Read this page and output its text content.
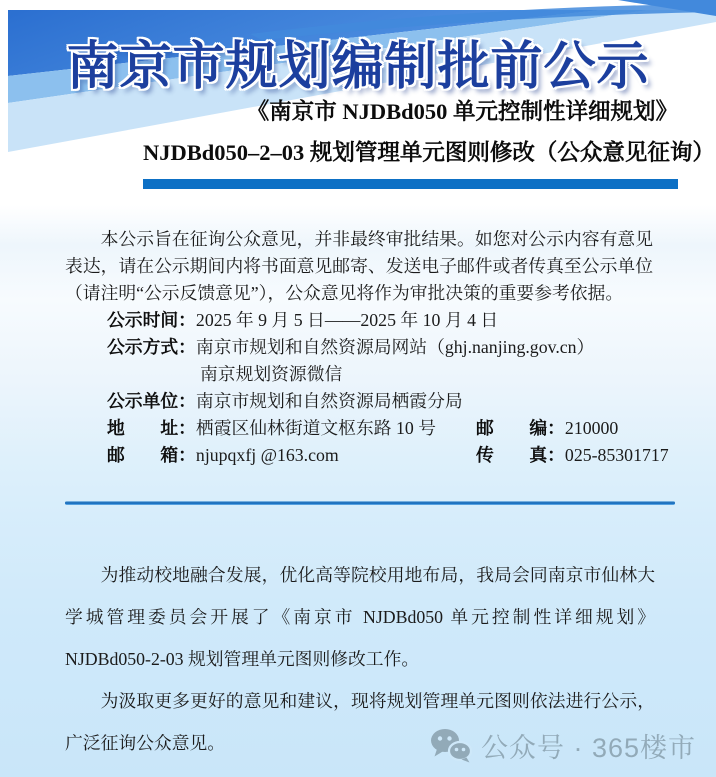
南京市规划编制批前公示
《南京市 NJDBd050 单元控制性详细规划》
NJDBd050–2–03 规划管理单元图则修改（公众意见征询）

本公示旨在征询公众意见，并非最终审批结果。如您对公示内容有意见表达，请在公示期间内将书面意见邮寄、发送电子邮件或者传真至公示单位（请注明“公示反馈意见”），公众意见将作为审批决策的重要参考依据。

公示时间：2025 年 9 月 5 日——2025 年 10 月 4 日
公示方式：南京市规划和自然资源局网站（ghj.nanjing.gov.cn）
南京规划资源微信
公示单位：南京市规划和自然资源局栖霞分局
地　　址：栖霞区仙林街道文枢东路 10 号 邮　　编：210000
邮　　箱：njupqxfj @163.com	传　　真：025-85301717

为推动校地融合发展，优化高等院校用地布局，我局会同南京市仙林大学城管理委员会开展了《南京市 NJDBd050 单元控制性详细规划》NJDBd050-2-03 规划管理单元图则修改工作。

为汲取更多更好的意见和建议，现将规划管理单元图则依法进行公示，广泛征询公众意见。	公众号 · 365楼市
